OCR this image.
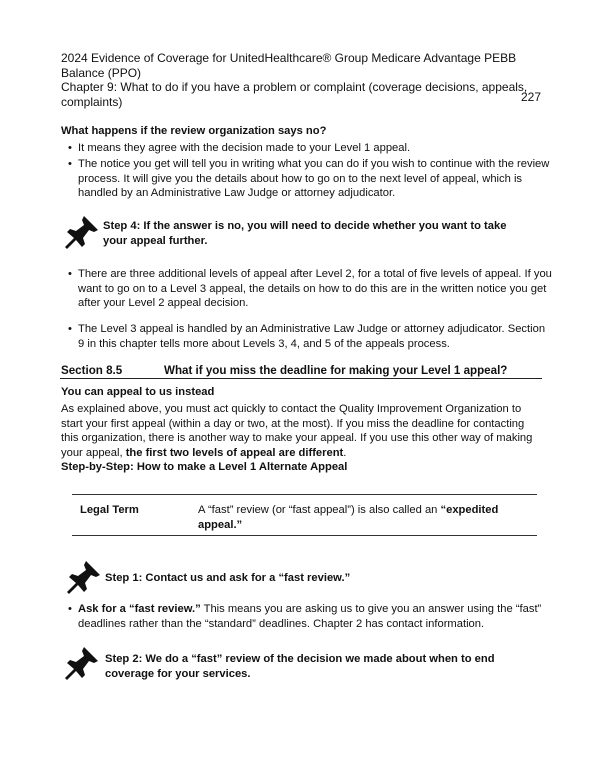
2024 Evidence of Coverage for UnitedHealthcare® Group Medicare Advantage PEBB
Balance (PPO)
Chapter 9: What to do if you have a problem or complaint (coverage decisions, appeals,
complaints)	227
What happens if the review organization says no?
• It means they agree with the decision made to your Level 1 appeal.
• The notice you get will tell you in writing what you can do if you wish to continue with the review process. It will give you the details about how to go on to the next level of appeal, which is handled by an Administrative Law Judge or attorney adjudicator.
Step 4: If the answer is no, you will need to decide whether you want to take your appeal further.
• There are three additional levels of appeal after Level 2, for a total of five levels of appeal. If you want to go on to a Level 3 appeal, the details on how to do this are in the written notice you get after your Level 2 appeal decision.
• The Level 3 appeal is handled by an Administrative Law Judge or attorney adjudicator. Section 9 in this chapter tells more about Levels 3, 4, and 5 of the appeals process.
Section 8.5	What if you miss the deadline for making your Level 1 appeal?
You can appeal to us instead
As explained above, you must act quickly to contact the Quality Improvement Organization to start your first appeal (within a day or two, at the most). If you miss the deadline for contacting this organization, there is another way to make your appeal. If you use this other way of making your appeal, the first two levels of appeal are different.
Step-by-Step: How to make a Level 1 Alternate Appeal
Legal Term	A “fast” review (or “fast appeal”) is also called an “expedited appeal.”
Step 1: Contact us and ask for a “fast review.”
• Ask for a “fast review.” This means you are asking us to give you an answer using the “fast” deadlines rather than the “standard” deadlines. Chapter 2 has contact information.
Step 2: We do a “fast” review of the decision we made about when to end coverage for your services.
